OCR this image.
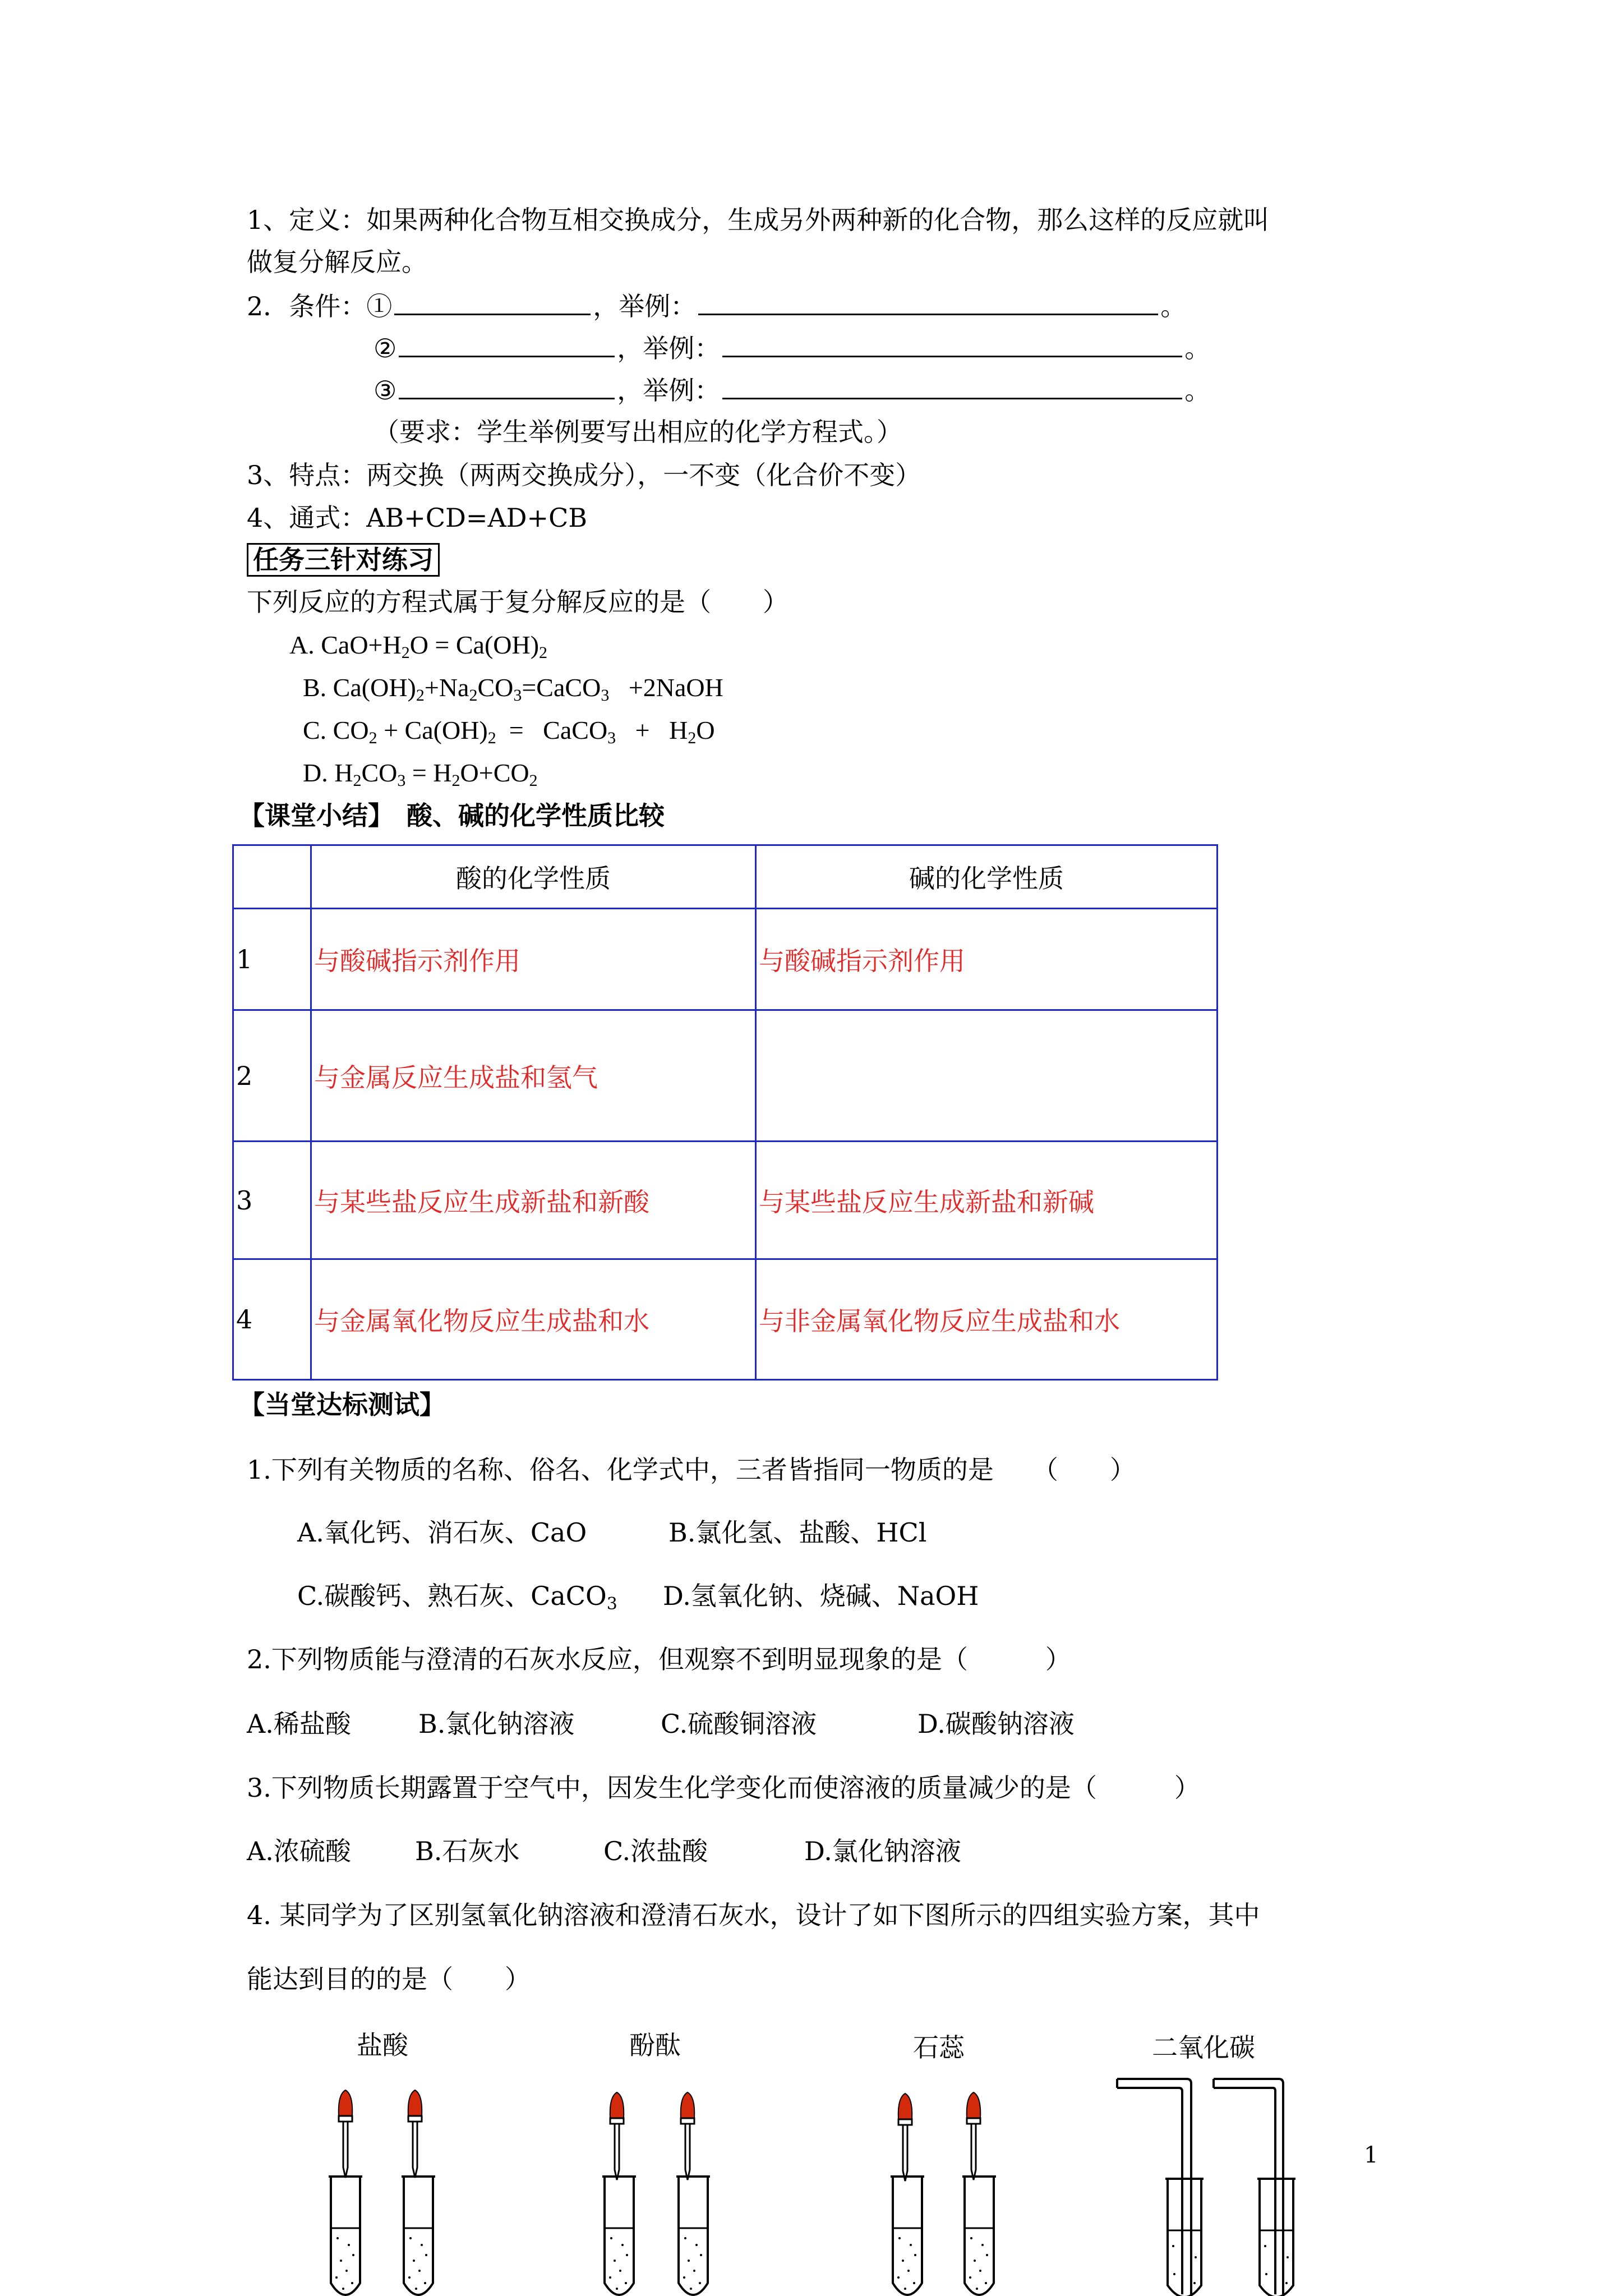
1、定义：如果两种化合物互相交换成分，生成另外两种新的化合物，那么这样的反应就叫
做复分解反应。
2．条件：①	，举例：	。
②	，举例：	。
③	，举例：	。
（要求：学生举例要写出相应的化学方程式。）
3、特点：两交换（两两交换成分），一不变（化合价不变）
4、通式：AB+CD=AD+CB
任务三针对练习
下列反应的方程式属于复分解反应的是（　　）
A. $CaO+H_2O = Ca(OH)_2$
B. $Ca(OH)_2+Na_2CO_3=CaCO_3$   +2NaOH
C. $CO_2 + Ca(OH)_2$  =   CaCO$_3$   +   $H_2O$
D. $H_2CO_3 = H_2O+CO_2$
【课堂小结】　酸、碱的化学性质比较
	酸的化学性质	碱的化学性质
1	与酸碱指示剂作用	与酸碱指示剂作用
2	与金属反应生成盐和氢气	
3	与某些盐反应生成新盐和新酸	与某些盐反应生成新盐和新碱
4	与金属氧化物反应生成盐和水	与非金属氧化物反应生成盐和水
【当堂达标测试】
1.下列有关物质的名称、俗名、化学式中，三者皆指同一物质的是　　（　　）
A.氧化钙、消石灰、CaO	B.氯化氢、盐酸、HCl
C.碳酸钙、熟石灰、CaCO$_3$ D.氢氧化钠、烧碱、NaOH
2.下列物质能与澄清的石灰水反应，但观察不到明显现象的是（　　　）
A.稀盐酸	B.氯化钠溶液	C.硫酸铜溶液	D.碳酸钠溶液
3.下列物质长期露置于空气中，因发生化学变化而使溶液的质量减少的是（　　　）
A.浓硫酸 B.石灰水	C.浓盐酸	D.氯化钠溶液
4. 某同学为了区别氢氧化钠溶液和澄清石灰水，设计了如下图所示的四组实验方案，其中
能达到目的的是（　　）
盐酸	酚酞	石蕊	二氧化碳
1
